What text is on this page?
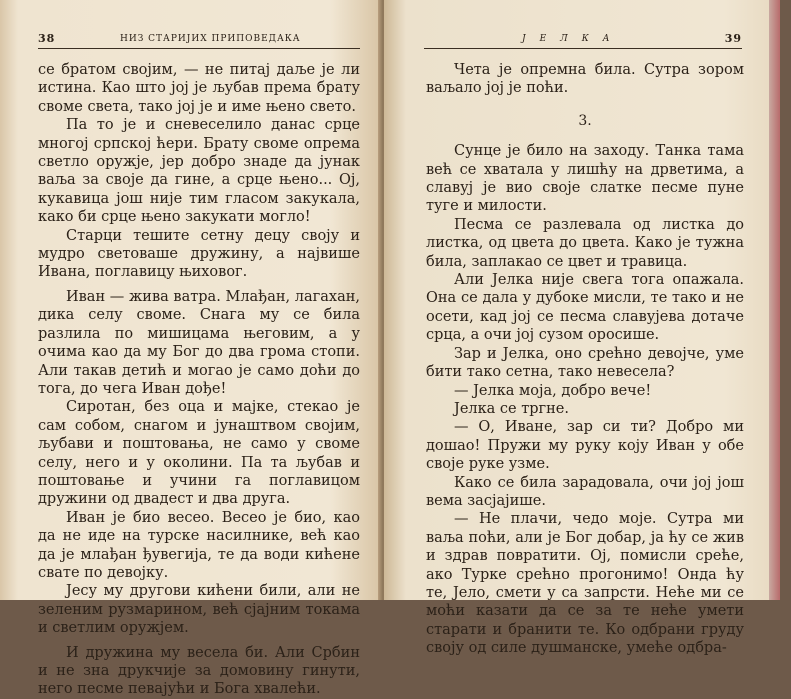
38	НИЗ СТАРИЈИХ ПРИПОВЕДАКА

се братом својим, — не питај даље је ли истина. Као што јој је љубав према брату своме света, тако јој је и име њено свето.

Па то је и сневеселило данас срце многој српској ћери. Брату своме опрема светло оружје, јер добро знаде да јунак ваља за своје да гине, а срце њено... Ој, кукавица још није тим гласом закукала, како би срце њено закукати могло!

Старци тешите сетну децу своју и мудро световаше дружину, а највише Ивана, поглавицу њиховог.

Иван — жива ватра. Млађан, лагахан, дика селу своме. Снага му се била разлила по мишицама његовим, а у очима као да му Бог до два грома стопи. Али такав детић и могао је само доћи до тога, до чега Иван дође!

Сиротан, без оца и мајке, стекао је сам собом, снагом и јунаштвом својим, љубави и поштовања, не само у своме селу, него и у околини. Па та љубав и поштовање и учини га поглавицом дружини од двадест и два друга.

Иван је био весео. Весео је био, као да не иде на турске насилнике, већ као да је млађан ђувегија, те да води кићене свате по девојку.

Јесу му другови кићени били, али не зеленим рузмарином, већ сјајним токама и светлим оружјем.

И дружина му весела би. Али Србин и не зна друкчије за домовину гинути, него песме певајући и Бога хвалећи.

ЈЕЛКА	39

Чета је опремна била. Сутра зором ваљало јој је поћи.

3.

Сунце је било на заходу. Танка тама већ се хватала у лишћу на дрветима, а славуј је вио своје слатке песме пуне туге и милости.

Песма се разлевала од листка до листка, од цвета до цвета. Како је тужна била, заплакао се цвет и травица.

Али Јелка није свега тога опажала. Она се дала у дубоке мисли, те тако и не осети, кад јој се песма славујева дотаче срца, а очи јој сузом оросише.

Зар и Јелка, оно срећно девојче, уме бити тако сетна, тако невесела?

— Јелка моја, добро вече!

Јелка се тргне.

— О, Иване, зар си ти? Добро ми дошао! Пружи му руку коју Иван у обе своје руке узме.

Како се била зарадовала, очи јој још вема засјајише.

— Не плачи, чедо моје. Сутра ми ваља поћи, али је Бог добар, ја ћу се жив и здрав повратити. Ој, помисли среће, ако Турке срећно прогонимо! Онда ћу те, Јело, смети у са запрсти. Неће ми се моћи казати да се за те неће умети старати и бранити те. Ко одбрани груду своју од силе душманске, умеће одбра-
